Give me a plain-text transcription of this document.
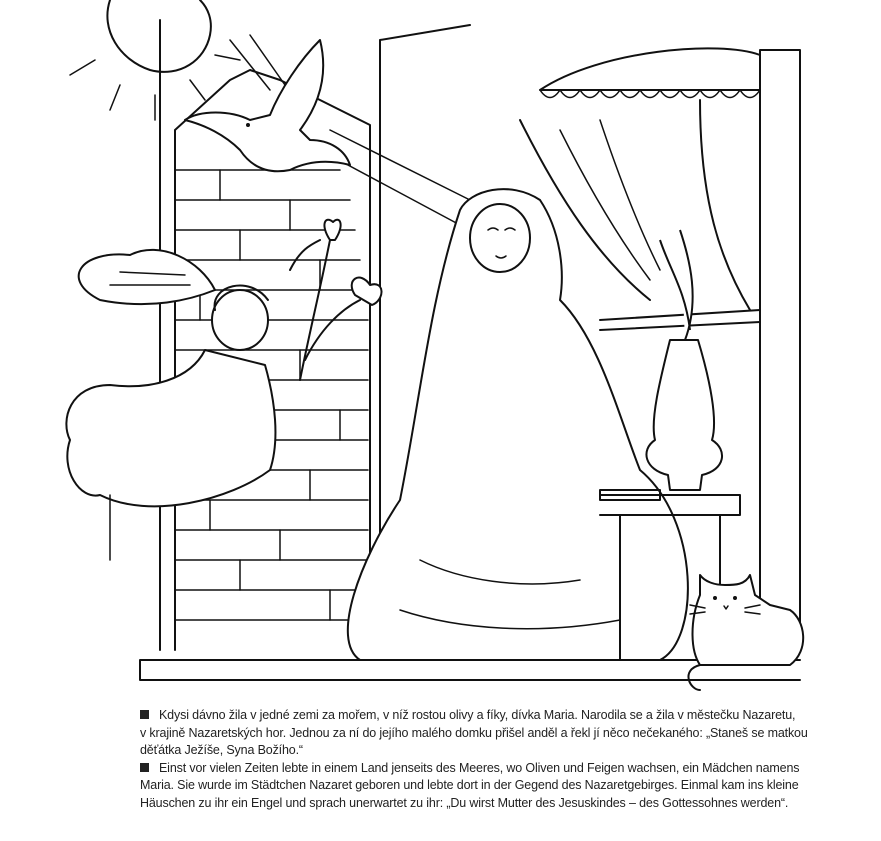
Kdysi dávno žila v jedné zemi za mořem, v níž rostou olivy a fíky, dívka Maria. Narodila se a žila v městečku Nazaretu,
v krajině Nazaretských hor. Jednou za ní do jejího malého domku přišel anděl a řekl jí něco nečekaného: „Staneš se matkou
děťátka Ježíše, Syna Božího.“

Einst vor vielen Zeiten lebte in einem Land jenseits des Meeres, wo Oliven und Feigen wachsen, ein Mädchen namens
Maria. Sie wurde im Städtchen Nazaret geboren und lebte dort in der Gegend des Nazaretgebirges. Einmal kam ins kleine
Häuschen zu ihr ein Engel und sprach unerwartet zu ihr: „Du wirst Mutter des Jesuskindes – des Gottessohnes werden“.
